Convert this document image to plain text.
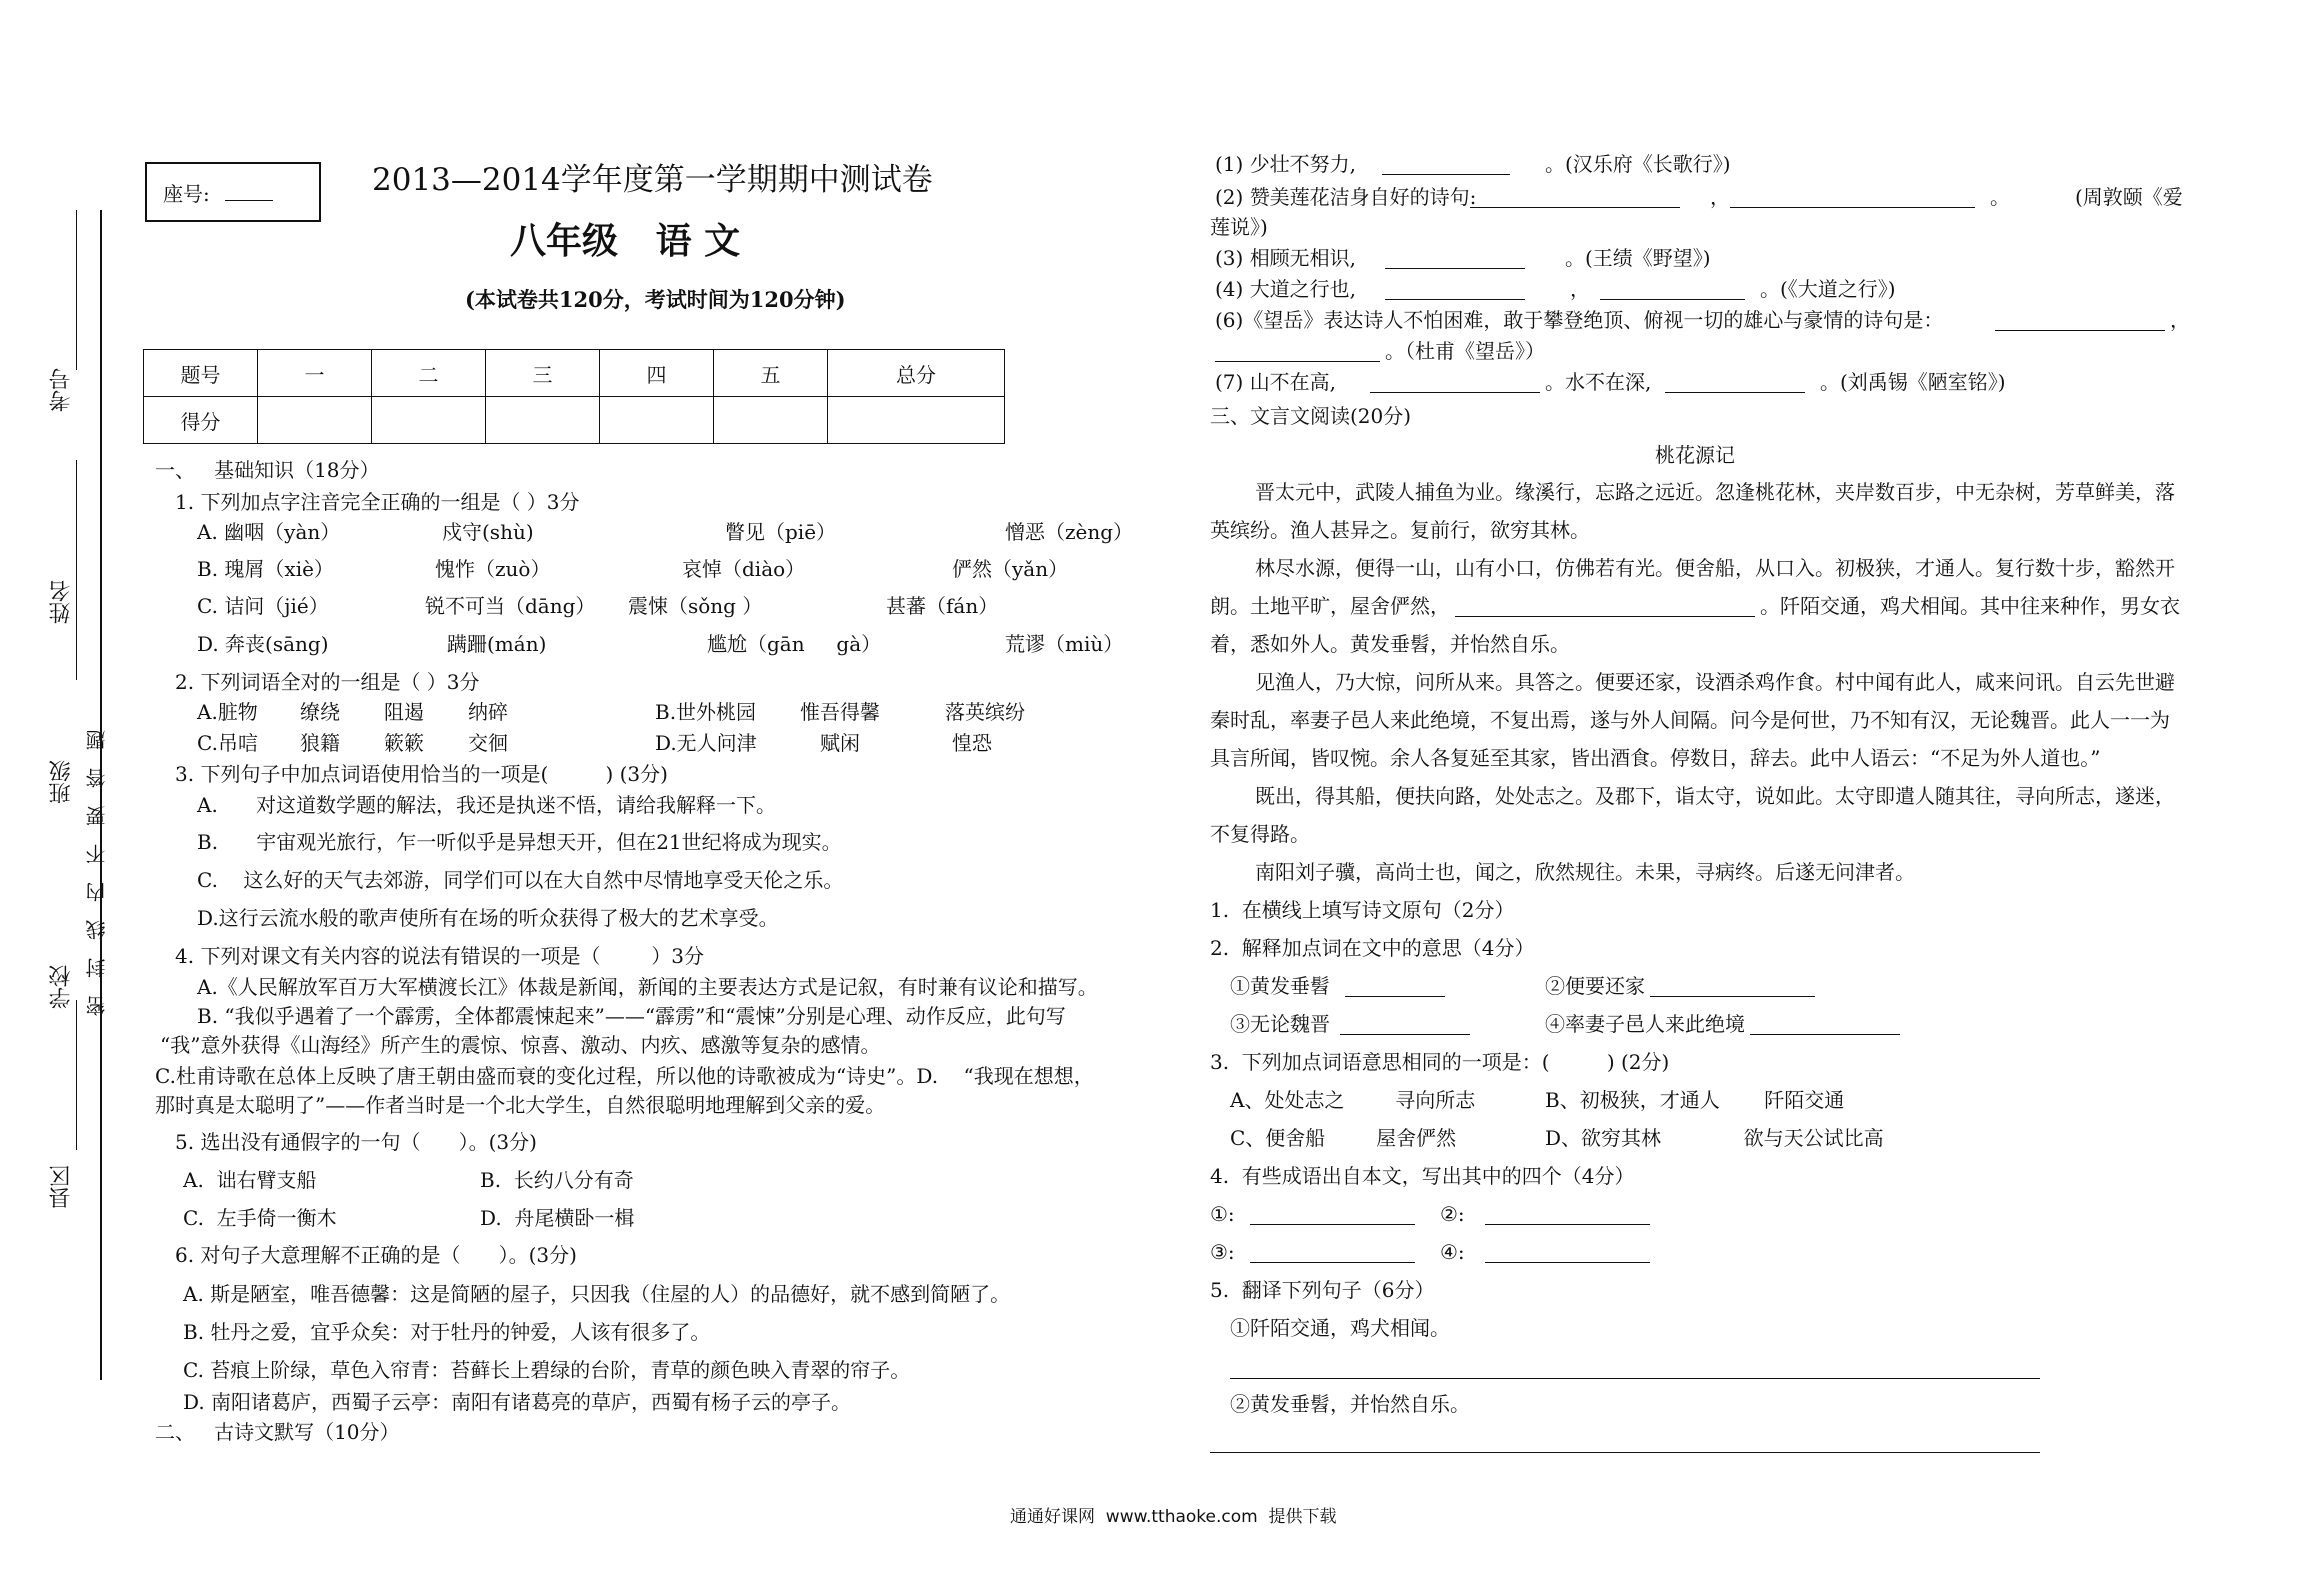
座号:	2013—2014学年度第一学期期中测试卷
八年级   语 文
(本试卷共120分，考试时间为120分钟)
题号	一	二	三	四	五	总分
得分						
考号
姓名
班级
学校
县区
密封线内不要答题
一、   基础知识（18分）
1. 下列加点字注音完全正确的一组是（ ）3分
A. 幽咽（yàn）	戍守(shù)	瞥见（piē）	憎恶（zèng）
B. 瑰屑（xiè）	愧怍（zuò）	哀悼（diào）	俨然（yǎn）
C. 诘问（jié）	锐不可当（dāng） 震悚（sǒng ）	甚蕃（fán）
D. 奔丧(sāng)	蹒跚(mán)	尴尬（gān     gà）	荒谬（miù）
2. 下列词语全对的一组是（ ）3分
A.脏物 缭绕 阻遏 纳碎	B.世外桃园 惟吾得馨	落英缤纷
C.吊唁 狼籍 簌簌 交徊	D.无人问津	赋闲	惶恐
3. 下列句子中加点词语使用恰当的一项是(         ) (3分)
A.      对这道数学题的解法，我还是执迷不悟，请给我解释一下。
B.      宇宙观光旅行，乍一听似乎是异想天开，但在21世纪将成为现实。
C.    这么好的天气去郊游，同学们可以在大自然中尽情地享受天伦之乐。
D.这行云流水般的歌声使所有在场的听众获得了极大的艺术享受。
4. 下列对课文有关内容的说法有错误的一项是（        ）3分
A.《人民解放军百万大军横渡长江》体裁是新闻，新闻的主要表达方式是记叙，有时兼有议论和描写。
B. “我似乎遇着了一个霹雳，全体都震悚起来”——“霹雳”和“震悚”分别是心理、动作反应，此句写
“我”意外获得《山海经》所产生的震惊、惊喜、激动、内疚、感激等复杂的感情。
C.杜甫诗歌在总体上反映了唐王朝由盛而衰的变化过程，所以他的诗歌被成为“诗史”。D.    “我现在想想，
那时真是太聪明了”——作者当时是一个北大学生，自然很聪明地理解到父亲的爱。
5. 选出没有通假字的一句（      ）。(3分)
A.  诎右臂支船	B.  长约八分有奇
C.  左手倚一衡木	D.  舟尾横卧一楫
6. 对句子大意理解不正确的是（      ）。(3分)
A. 斯是陋室，唯吾德馨：这是简陋的屋子，只因我（住屋的人）的品德好，就不感到简陋了。
B. 牡丹之爱，宜乎众矣：对于牡丹的钟爱，人该有很多了。
C. 苔痕上阶绿，草色入帘青：苔藓长上碧绿的台阶，青草的颜色映入青翠的帘子。
D. 南阳诸葛庐，西蜀子云亭：南阳有诸葛亮的草庐，西蜀有杨子云的亭子。
二、   古诗文默写（10分）
(1) 少壮不努力,	。(汉乐府《长歌行》)
(2) 赞美莲花洁身自好的诗句:	，	。	(周敦颐《爱
莲说》)
(3) 相顾无相识,	。(王绩《野望》)
(4) 大道之行也,	，	。(《大道之行》)
(6)《望岳》表达诗人不怕困难，敢于攀登绝顶、俯视一切的雄心与豪情的诗句是：	，
。（杜甫《望岳》）
(7) 山不在高,	。水不在深,	。(刘禹锡《陋室铭》)
三、文言文阅读(20分)
桃花源记
晋太元中，武陵人捕鱼为业。缘溪行，忘路之远近。忽逢桃花林，夹岸数百步，中无杂树，芳草鲜美，落
英缤纷。渔人甚异之。复前行，欲穷其林。
林尽水源，便得一山，山有小口，仿佛若有光。便舍船，从口入。初极狭，才通人。复行数十步，豁然开
朗。土地平旷，屋舍俨然，	。阡陌交通，鸡犬相闻。其中往来种作，男女衣
着，悉如外人。黄发垂髫，并怡然自乐。
见渔人，乃大惊，问所从来。具答之。便要还家，设酒杀鸡作食。村中闻有此人，咸来问讯。自云先世避
秦时乱，率妻子邑人来此绝境，不复出焉，遂与外人间隔。问今是何世，乃不知有汉，无论魏晋。此人一一为
具言所闻，皆叹惋。余人各复延至其家，皆出酒食。停数日，辞去。此中人语云：“不足为外人道也。”
既出，得其船，便扶向路，处处志之。及郡下，诣太守，说如此。太守即遣人随其往，寻向所志，遂迷，
不复得路。
南阳刘子骥，高尚士也，闻之，欣然规往。未果，寻病终。后遂无问津者。
1.  在横线上填写诗文原句（2分）
2.  解释加点词在文中的意思（4分）
①黄发垂髫	②便要还家
③无论魏晋	④率妻子邑人来此绝境
3.  下列加点词语意思相同的一项是：(         ) (2分)
A、处处志之        寻向所志	B、初极狭，才通人       阡陌交通
C、便舍船        屋舍俨然	D、欲穷其林             欲与天公试比高
4.  有些成语出自本文，写出其中的四个（4分）
①:	②:
③:	④:
5.  翻译下列句子（6分）
①阡陌交通，鸡犬相闻。
②黄发垂髫，并怡然自乐。
通通好课网  www.tthaoke.com  提供下载
